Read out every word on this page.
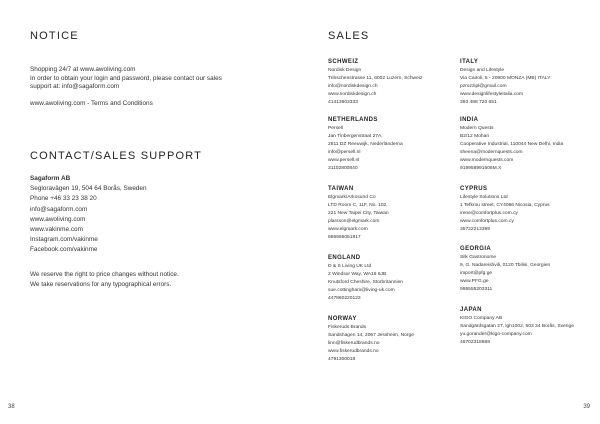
NOTICE
Shopping 24/7 at www.awoliving.com
In order to obtain your login and password, please contact our sales
support at: info@sagaform.com
www.awoliving.com - Terms and Conditions
CONTACT/SALES SUPPORT
Sagaform AB
Segloravägen 19, 504 64 Borås, Sweden
Phone +46 33 23 38 20
info@sagaform.com
www.awoliving.com
www.vakinme.com
Instagram.com/vakinme
Facebook.com/vakinme
We reserve the right to price changes without notice.
We take reservations for any typographical errors.
38
SALES
SCHWEIZ
Nordisk Design
Tribschenstrasse 11, 6002 Luzern, Schweiz
info@nordiskdesign.ch
www.nordiskdesign.ch
41413603333
NETHERLANDS
Persell
Jan Tinbergenstraat 27A,
2811 DZ Reeuwijk, Nederländerna
info@persell.nl
www.persell.nl
31102800840
TAIWAN
Elgmark/Arkosund Co
LTD Room C, 11F, No. 102,
221 New Taipei City, Taiwan
plarsson@elgmark.com
www.elgmark.com
886966051817
ENGLAND
D & S Living UK Ltd
2 Windsor Way, WA16 6JB
Knutsford Cheshire, Storbritannien
sue.cottingham@living-uk.com
447860220123
NORWAY
Fiskeruds Brands
Sandshagen 14, 2067 Jessheim, Norge
linn@fiskerudbrands.no
www.fiskerudbrands.no
4791300018
ITALY
Design and Lifestyle
Via Cairoli, 5 - 20900 MONZA (MB) ITALY
pzrozzipl@gmail.com
www.designlifestyleitalia.com
393 488 720 651
INDIA
Modern Quests
B2/12 Mohan
Cooperative Industrial, 110044 New Delhi, India
sheena@modernquests.com
www.modernquests.com
919958991606M.X
CYPRUS
Lifestyle Solutions Ltd
1 Tefkrou street, CY4066 Nicosia, Cyprus
irene@comfortplus.com.cy
www.comfortplus.com.cy
35722213399
GEORGIA
Silk Gastronome
9, G. Nadareishvili, 0120 Tbilisi, Georgien
import@pfg.ge
www.PFG.ge
995555203311
JAPAN
KIGO Company AB
Sandgärdsgatan 27, lgh1002, 503 34 Borås, Sverige
yu.gorander@kigo-company.com
46702318689
39
